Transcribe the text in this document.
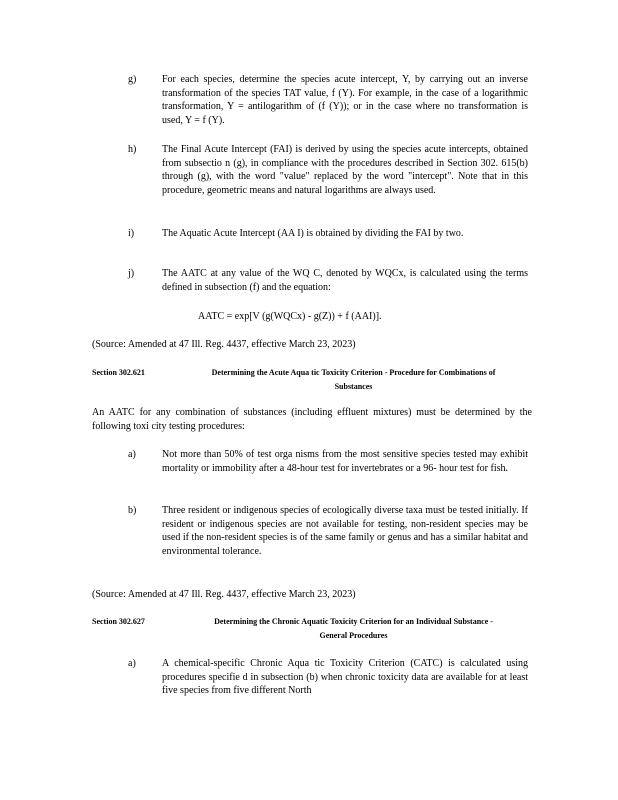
g)	For each species, determine the species acute intercept, Y, by carrying out an inverse transformation of the species TAT value, f (Y). For example, in the case of a logarithmic transformation, Y = antilogarithm of (f (Y)); or in the case where no transformation is used, Y = f (Y).
h)	The Final Acute Intercept (FAI) is derived by using the species acute intercepts, obtained from subsectio n (g), in compliance with the procedures described in Section 302. 615(b) through (g), with the word "value" replaced by the word "intercept". Note that in this procedure, geometric means and natural logarithms are always used.
i)	The Aquatic Acute Intercept (AA I) is obtained by dividing the FAI by two.
j)	The AATC at any value of the WQ C, denoted by WQCx, is calculated using the terms defined in subsection (f) and the equation:
AATC = exp[V (g(WQCx) - g(Z)) + f (AAI)].
(Source: Amended at 47 Ill. Reg. 4437, effective March 23, 2023)
Section 302.621	Determining the Acute Aqua tic Toxicity Criterion - Procedure for Combinations of Substances
An AATC for any combination of substances (including effluent mixtures) must be determined by the following toxi city testing procedures:
a)	Not more than 50% of test orga nisms from the most sensitive species tested may exhibit mortality or immobility after a 48-hour test for invertebrates or a 96- hour test for fish.
b)	Three resident or indigenous species of ecologically diverse taxa must be tested initially. If resident or indigenous species are not available for testing, non-resident species may be used if the non-resident species is of the same family or genus and has a similar habitat and environmental tolerance.
(Source: Amended at 47 Ill. Reg. 4437, effective March 23, 2023)
Section 302.627	Determining the Chronic Aquatic Toxicity Criterion for an Individual Substance - General Procedures
a)	A chemical-specific Chronic Aqua tic Toxicity Criterion (CATC) is calculated using procedures specifie d in subsection (b) when chronic toxicity data are available for at least five species from five different North
